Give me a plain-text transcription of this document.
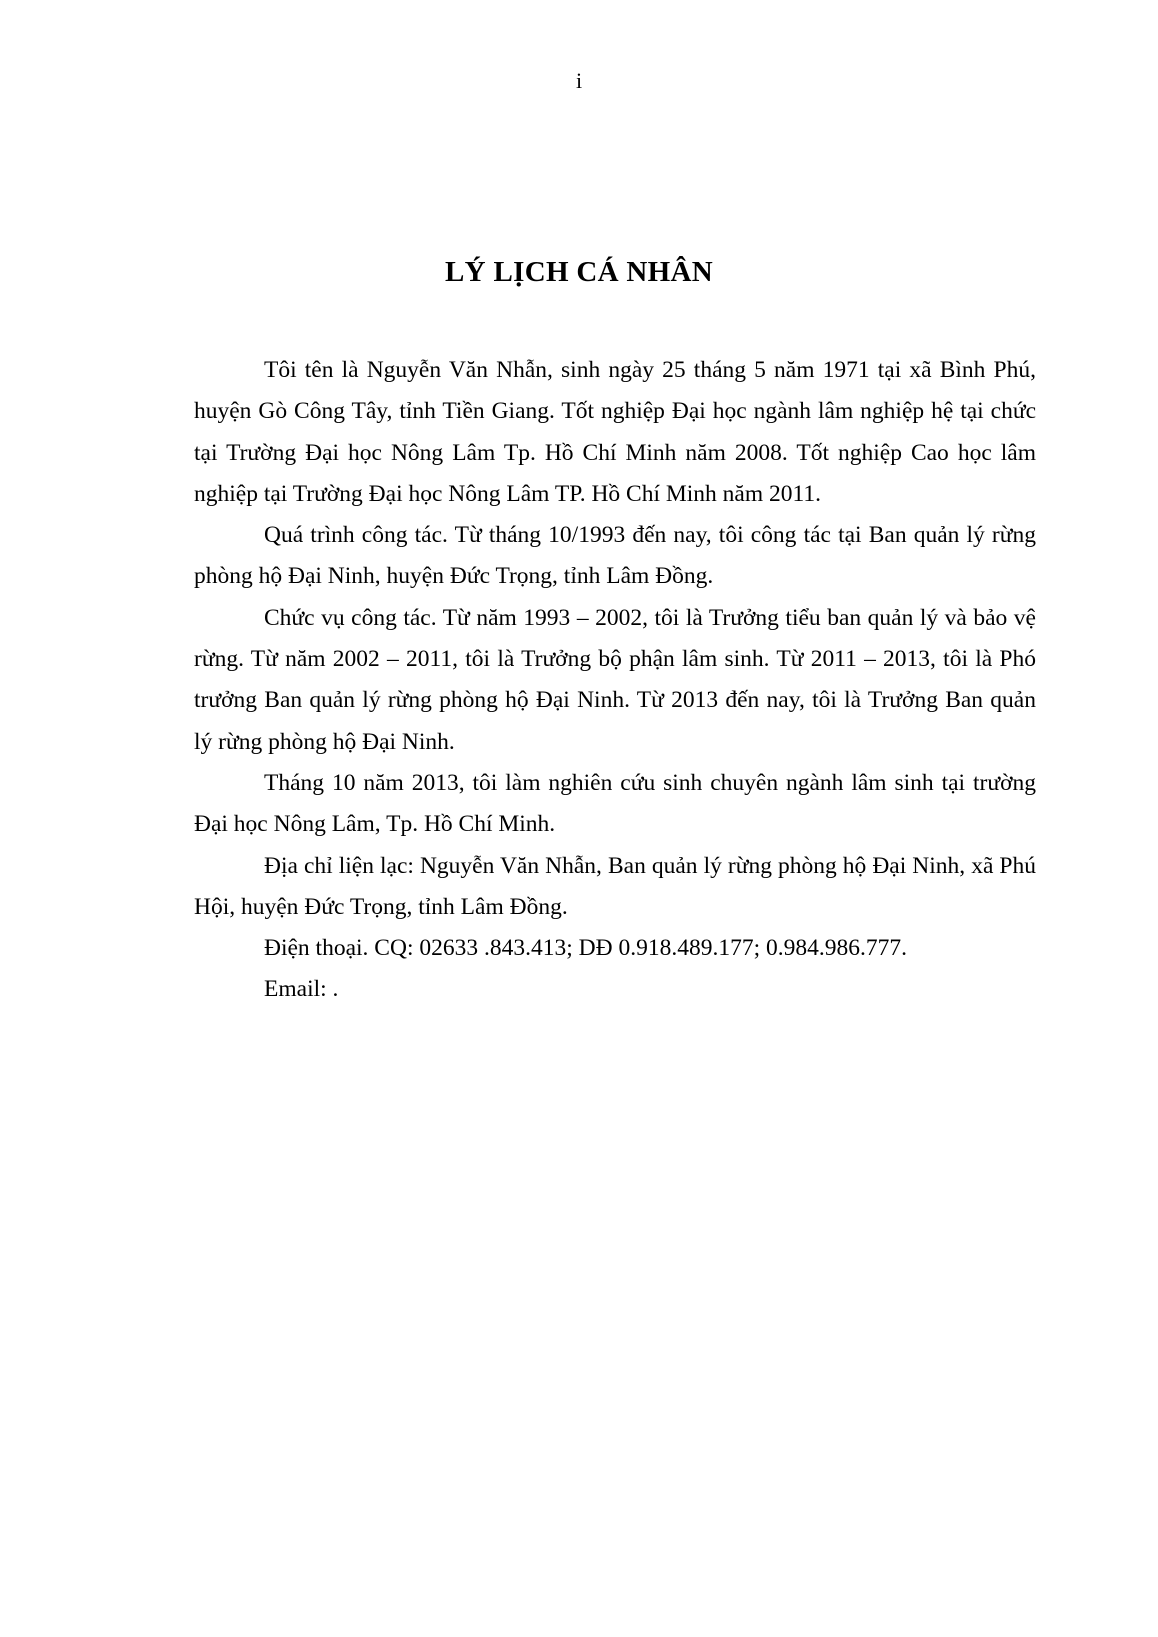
i
LÝ LỊCH CÁ NHÂN

Tôi tên là Nguyễn Văn Nhẫn, sinh ngày 25 tháng 5 năm 1971 tại xã Bình Phú, huyện Gò Công Tây, tỉnh Tiền Giang. Tốt nghiệp Đại học ngành lâm nghiệp hệ tại chức tại Trường Đại học Nông Lâm Tp. Hồ Chí Minh năm 2008. Tốt nghiệp Cao học lâm nghiệp tại Trường Đại học Nông Lâm TP. Hồ Chí Minh năm 2011.

Quá trình công tác. Từ tháng 10/1993 đến nay, tôi công tác tại Ban quản lý rừng phòng hộ Đại Ninh, huyện Đức Trọng, tỉnh Lâm Đồng.

Chức vụ công tác. Từ năm 1993 – 2002, tôi là Trưởng tiểu ban quản lý và bảo vệ rừng. Từ năm 2002 – 2011, tôi là Trưởng bộ phận lâm sinh. Từ 2011 – 2013, tôi là Phó trưởng Ban quản lý rừng phòng hộ Đại Ninh. Từ 2013 đến nay, tôi là Trưởng Ban quản lý rừng phòng hộ Đại Ninh.

Tháng 10 năm 2013, tôi làm nghiên cứu sinh chuyên ngành lâm sinh tại trường Đại học Nông Lâm, Tp. Hồ Chí Minh.

Địa chỉ liện lạc: Nguyễn Văn Nhẫn, Ban quản lý rừng phòng hộ Đại Ninh, xã Phú Hội, huyện Đức Trọng, tỉnh Lâm Đồng.

Điện thoại. CQ: 02633 .843.413; DĐ 0.918.489.177; 0.984.986.777.

Email: .
